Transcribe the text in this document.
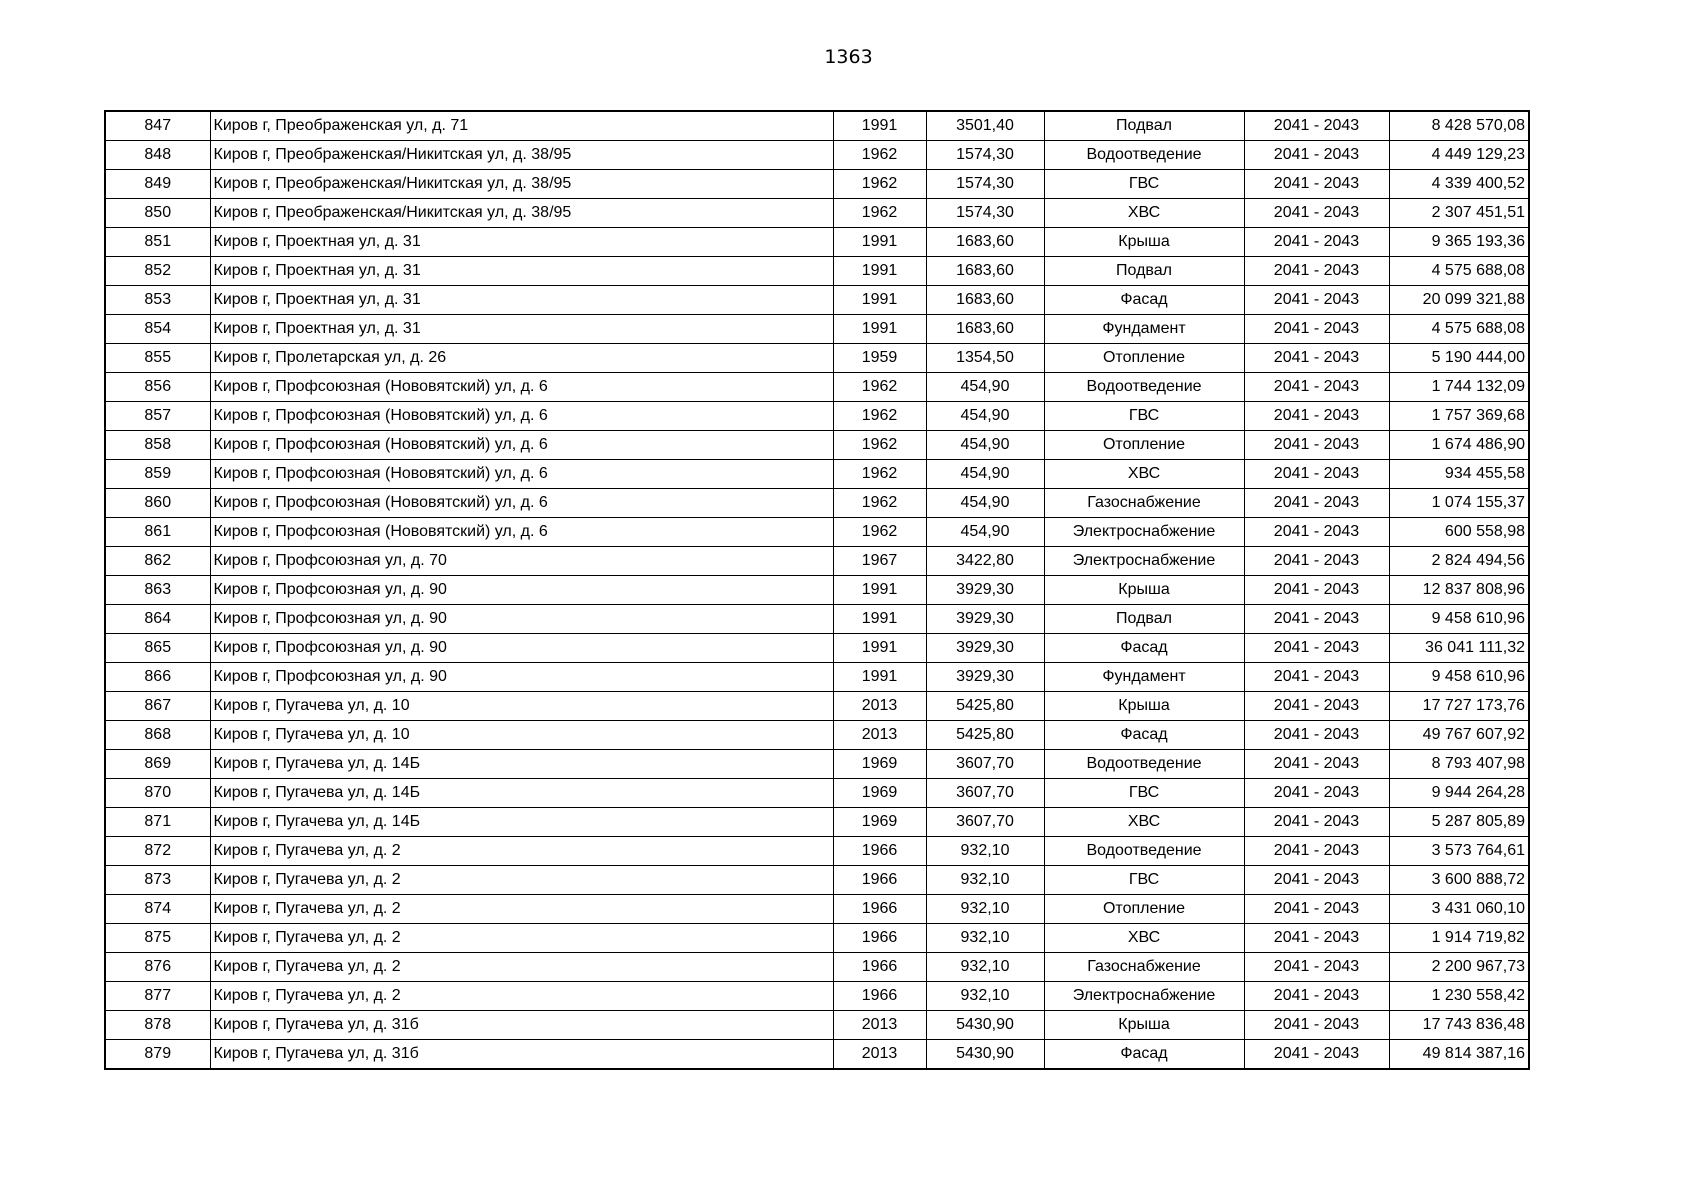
1363
847	Киров г, Преображенская ул, д. 71	1991	3501,40	Подвал	2041 - 2043	8 428 570,08
848	Киров г, Преображенская/Никитская ул, д. 38/95	1962	1574,30	Водоотведение	2041 - 2043	4 449 129,23
849	Киров г, Преображенская/Никитская ул, д. 38/95	1962	1574,30	ГВС	2041 - 2043	4 339 400,52
850	Киров г, Преображенская/Никитская ул, д. 38/95	1962	1574,30	ХВС	2041 - 2043	2 307 451,51
851	Киров г, Проектная ул, д. 31	1991	1683,60	Крыша	2041 - 2043	9 365 193,36
852	Киров г, Проектная ул, д. 31	1991	1683,60	Подвал	2041 - 2043	4 575 688,08
853	Киров г, Проектная ул, д. 31	1991	1683,60	Фасад	2041 - 2043	20 099 321,88
854	Киров г, Проектная ул, д. 31	1991	1683,60	Фундамент	2041 - 2043	4 575 688,08
855	Киров г, Пролетарская ул, д. 26	1959	1354,50	Отопление	2041 - 2043	5 190 444,00
856	Киров г, Профсоюзная (Нововятский) ул, д. 6	1962	454,90	Водоотведение	2041 - 2043	1 744 132,09
857	Киров г, Профсоюзная (Нововятский) ул, д. 6	1962	454,90	ГВС	2041 - 2043	1 757 369,68
858	Киров г, Профсоюзная (Нововятский) ул, д. 6	1962	454,90	Отопление	2041 - 2043	1 674 486,90
859	Киров г, Профсоюзная (Нововятский) ул, д. 6	1962	454,90	ХВС	2041 - 2043	934 455,58
860	Киров г, Профсоюзная (Нововятский) ул, д. 6	1962	454,90	Газоснабжение	2041 - 2043	1 074 155,37
861	Киров г, Профсоюзная (Нововятский) ул, д. 6	1962	454,90	Электроснабжение	2041 - 2043	600 558,98
862	Киров г, Профсоюзная ул, д. 70	1967	3422,80	Электроснабжение	2041 - 2043	2 824 494,56
863	Киров г, Профсоюзная ул, д. 90	1991	3929,30	Крыша	2041 - 2043	12 837 808,96
864	Киров г, Профсоюзная ул, д. 90	1991	3929,30	Подвал	2041 - 2043	9 458 610,96
865	Киров г, Профсоюзная ул, д. 90	1991	3929,30	Фасад	2041 - 2043	36 041 111,32
866	Киров г, Профсоюзная ул, д. 90	1991	3929,30	Фундамент	2041 - 2043	9 458 610,96
867	Киров г, Пугачева ул, д. 10	2013	5425,80	Крыша	2041 - 2043	17 727 173,76
868	Киров г, Пугачева ул, д. 10	2013	5425,80	Фасад	2041 - 2043	49 767 607,92
869	Киров г, Пугачева ул, д. 14Б	1969	3607,70	Водоотведение	2041 - 2043	8 793 407,98
870	Киров г, Пугачева ул, д. 14Б	1969	3607,70	ГВС	2041 - 2043	9 944 264,28
871	Киров г, Пугачева ул, д. 14Б	1969	3607,70	ХВС	2041 - 2043	5 287 805,89
872	Киров г, Пугачева ул, д. 2	1966	932,10	Водоотведение	2041 - 2043	3 573 764,61
873	Киров г, Пугачева ул, д. 2	1966	932,10	ГВС	2041 - 2043	3 600 888,72
874	Киров г, Пугачева ул, д. 2	1966	932,10	Отопление	2041 - 2043	3 431 060,10
875	Киров г, Пугачева ул, д. 2	1966	932,10	ХВС	2041 - 2043	1 914 719,82
876	Киров г, Пугачева ул, д. 2	1966	932,10	Газоснабжение	2041 - 2043	2 200 967,73
877	Киров г, Пугачева ул, д. 2	1966	932,10	Электроснабжение	2041 - 2043	1 230 558,42
878	Киров г, Пугачева ул, д. 31б	2013	5430,90	Крыша	2041 - 2043	17 743 836,48
879	Киров г, Пугачева ул, д. 31б	2013	5430,90	Фасад	2041 - 2043	49 814 387,16
